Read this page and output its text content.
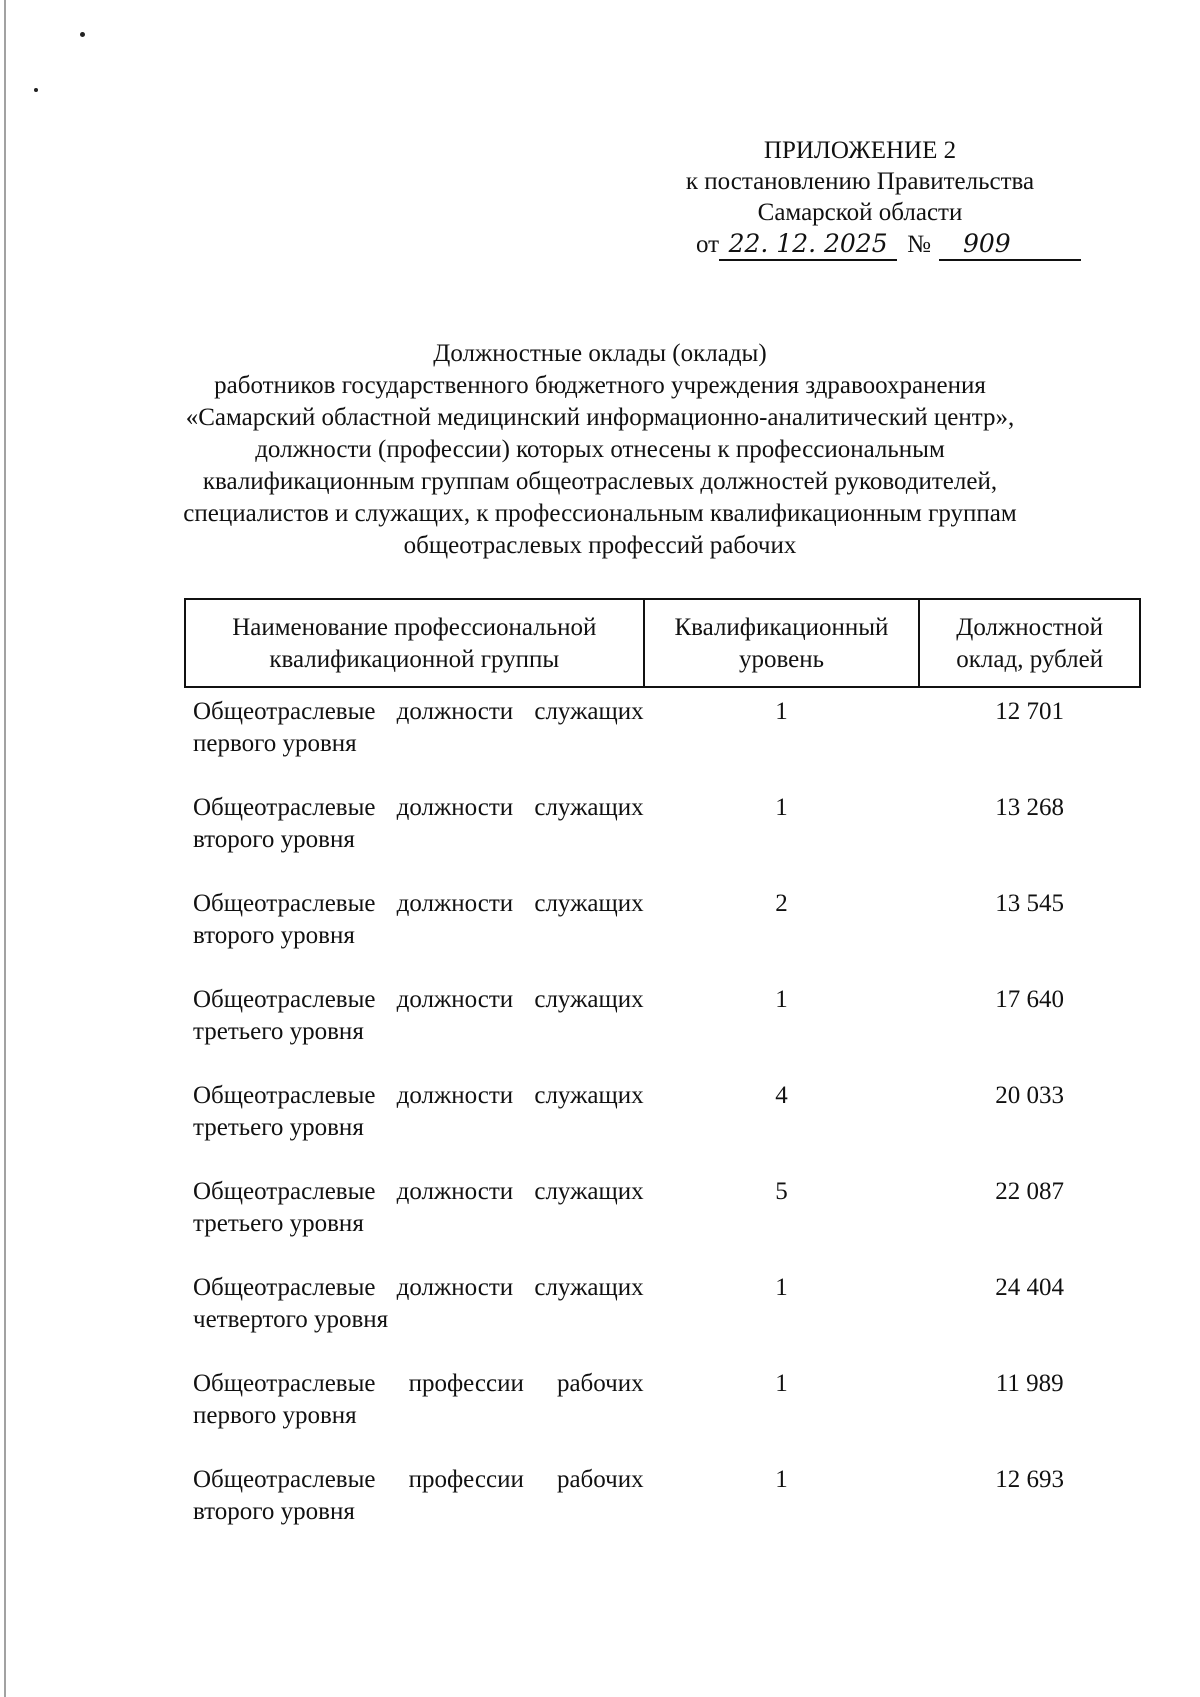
ПРИЛОЖЕНИЕ 2
к постановлению Правительства
Самарской области
от 22. 12. 2025 № 909
Должностные оклады (оклады)
работников государственного бюджетного учреждения здравоохранения
«Самарский областной медицинский информационно-аналитический центр»,
должности (профессии) которых отнесены к профессиональным
квалификационным группам общеотраслевых должностей руководителей,
специалистов и служащих, к профессиональным квалификационным группам
общеотраслевых профессий рабочих
Наименование профессиональной квалификационной группы	Квалификационный уровень	Должностной оклад, рублей
Общеотраслевые должности служащих первого уровня	1	12 701
Общеотраслевые должности служащих второго уровня	1	13 268
Общеотраслевые должности служащих второго уровня	2	13 545
Общеотраслевые должности служащих третьего уровня	1	17 640
Общеотраслевые должности служащих третьего уровня	4	20 033
Общеотраслевые должности служащих третьего уровня	5	22 087
Общеотраслевые должности служащих четвертого уровня	1	24 404
Общеотраслевые профессии рабочих первого уровня	1	11 989
Общеотраслевые профессии рабочих второго уровня	1	12 693
